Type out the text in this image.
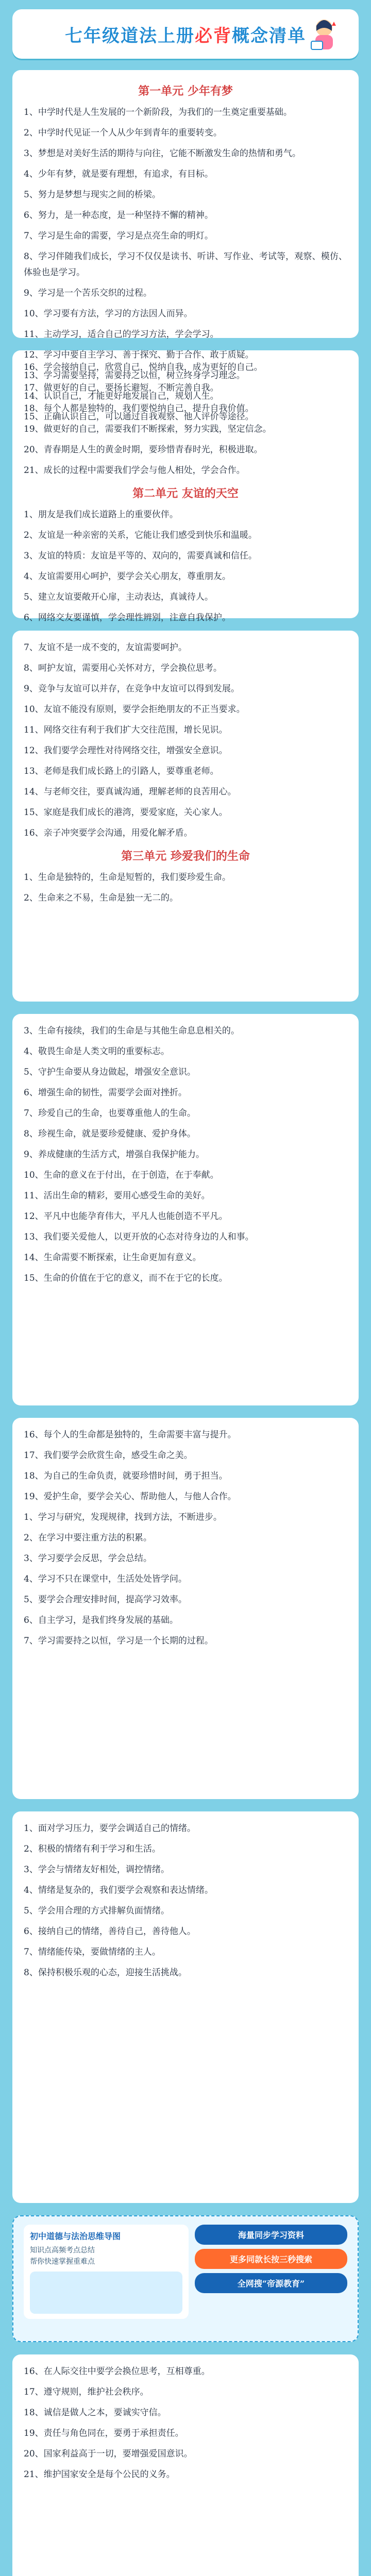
七年级道法上册必背概念清单
第一单元 少年有梦
1、中学时代是人生发展的一个新阶段，为我们的一生奠定重要基础。
2、中学时代见证一个人从少年到青年的重要转变。
3、梦想是对美好生活的期待与向往，它能不断激发生命的热情和勇气。
4、少年有梦，就是要有理想，有追求，有目标。
5、努力是梦想与现实之间的桥梁。
6、努力，是一种态度，是一种坚持不懈的精神。
7、学习是生命的需要，学习是点亮生命的明灯。
8、学习伴随我们成长，学习不仅仅是读书、听讲、写作业、考试等，观察、模仿、体验也是学习。
9、学习是一个苦乐交织的过程。
10、学习要有方法，学习的方法因人而异。
11、主动学习，适合自己的学习方法，学会学习。
12、学习中要自主学习、善于探究、勤于合作、敢于质疑。
13、学习需要坚持，需要持之以恒，树立终身学习理念。
14、认识自己，才能更好地发展自己，规划人生。
15、正确认识自己，可以通过自我观察、他人评价等途径。
16、学会接纳自己，欣赏自己，悦纳自我，成为更好的自己。
17、做更好的自己，要扬长避短，不断完善自我。
18、每个人都是独特的，我们要悦纳自己，提升自我价值。
19、做更好的自己，需要我们不断探索，努力实践，坚定信念。
20、青春期是人生的黄金时期，要珍惜青春时光，积极进取。
21、成长的过程中需要我们学会与他人相处，学会合作。
第二单元 友谊的天空
1、朋友是我们成长道路上的重要伙伴。
2、友谊是一种亲密的关系，它能让我们感受到快乐和温暖。
3、友谊的特质：友谊是平等的、双向的，需要真诚和信任。
4、友谊需要用心呵护，要学会关心朋友，尊重朋友。
5、建立友谊要敞开心扉，主动表达，真诚待人。
6、网络交友要谨慎，学会理性辨别，注意自我保护。
7、友谊不是一成不变的，友谊需要呵护。
8、呵护友谊，需要用心关怀对方，学会换位思考。
9、竞争与友谊可以并存，在竞争中友谊可以得到发展。
10、友谊不能没有原则，要学会拒绝朋友的不正当要求。
11、网络交往有利于我们扩大交往范围，增长见识。
12、我们要学会理性对待网络交往，增强安全意识。
13、老师是我们成长路上的引路人，要尊重老师。
14、与老师交往，要真诚沟通，理解老师的良苦用心。
15、家庭是我们成长的港湾，要爱家庭，关心家人。
16、亲子冲突要学会沟通，用爱化解矛盾。
第三单元 珍爱我们的生命
1、生命是独特的，生命是短暂的，我们要珍爱生命。
2、生命来之不易，生命是独一无二的。
3、生命有接续，我们的生命是与其他生命息息相关的。
4、敬畏生命是人类文明的重要标志。
5、守护生命要从身边做起，增强安全意识。
6、增强生命的韧性，需要学会面对挫折。
7、珍爱自己的生命，也要尊重他人的生命。
8、珍视生命，就是要珍爱健康、爱护身体。
9、养成健康的生活方式，增强自我保护能力。
10、生命的意义在于付出，在于创造，在于奉献。
11、活出生命的精彩，要用心感受生命的美好。
12、平凡中也能孕育伟大，平凡人也能创造不平凡。
13、我们要关爱他人，以更开放的心态对待身边的人和事。
14、生命需要不断探索，让生命更加有意义。
15、生命的价值在于它的意义，而不在于它的长度。
16、每个人的生命都是独特的，生命需要丰富与提升。
17、我们要学会欣赏生命，感受生命之美。
18、为自己的生命负责，就要珍惜时间，勇于担当。
19、爱护生命，要学会关心、帮助他人，与他人合作。
1、学习与研究，发现规律，找到方法，不断进步。
2、在学习中要注重方法的积累。
3、学习要学会反思，学会总结。
4、学习不只在课堂中，生活处处皆学问。
5、要学会合理安排时间，提高学习效率。
6、自主学习，是我们终身发展的基础。
7、学习需要持之以恒，学习是一个长期的过程。
1、面对学习压力，要学会调适自己的情绪。
2、积极的情绪有利于学习和生活。
3、学会与情绪友好相处，调控情绪。
4、情绪是复杂的，我们要学会观察和表达情绪。
5、学会用合理的方式排解负面情绪。
6、接纳自己的情绪，善待自己，善待他人。
7、情绪能传染，要做情绪的主人。
8、保持积极乐观的心态，迎接生活挑战。
初中道德与法治思维导图
知识点高频考点总结
帮你快速掌握重难点
海量同步学习资料
更多同款长按三秒搜索
全网搜“帝源教育”
16、在人际交往中要学会换位思考，互相尊重。
17、遵守规则，维护社会秩序。
18、诚信是做人之本，要诚实守信。
19、责任与角色同在，要勇于承担责任。
20、国家利益高于一切，要增强爱国意识。
21、维护国家安全是每个公民的义务。
